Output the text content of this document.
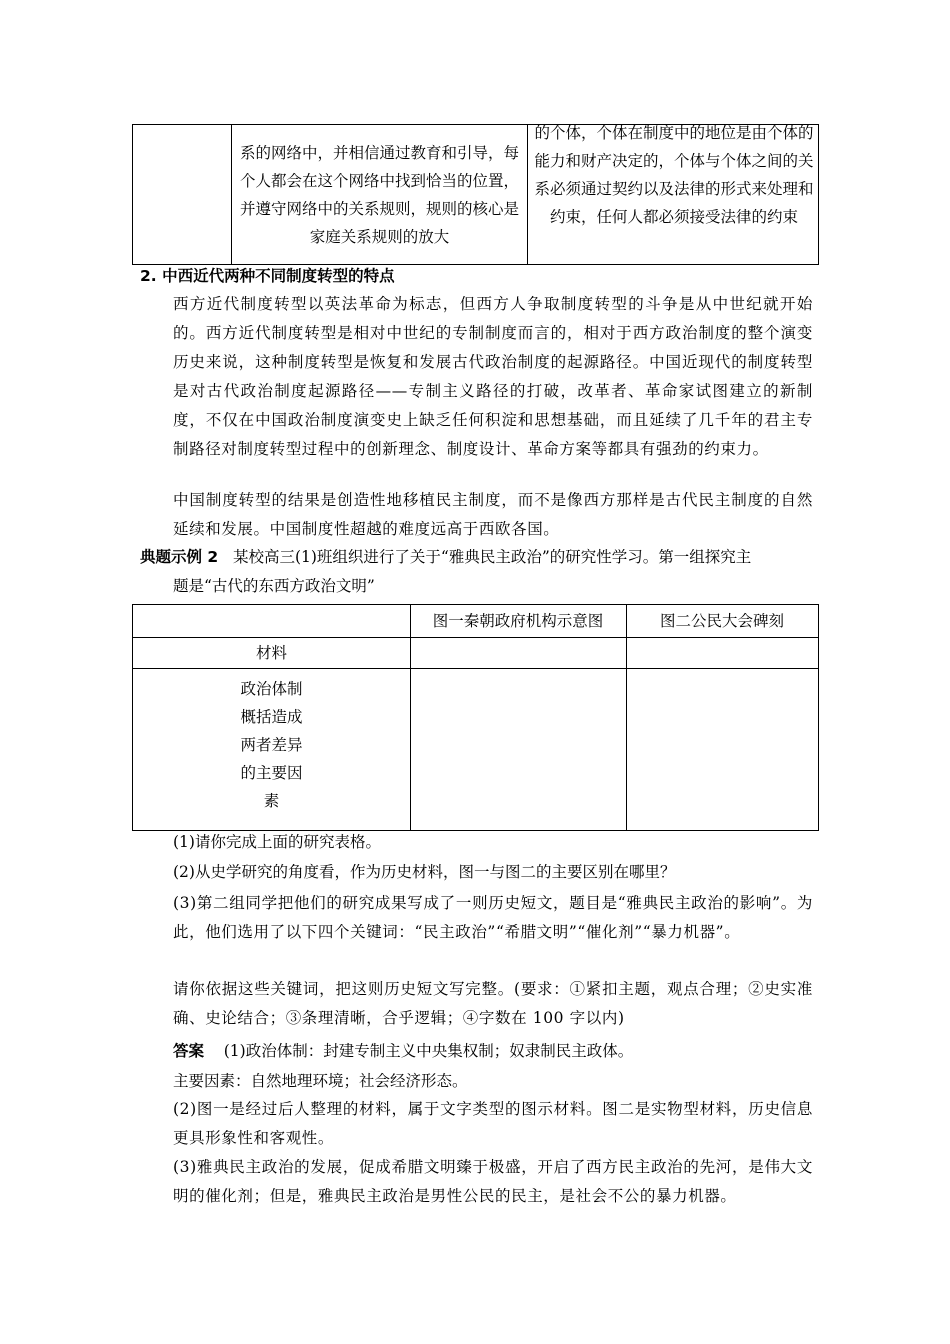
系的网络中，并相信通过教育和引导，每个人都会在这个网络中找到恰当的位置，并遵守网络中的关系规则，规则的核心是家庭关系规则的放大
的个体，个体在制度中的地位是由个体的能力和财产决定的，个体与个体之间的关系必须通过契约以及法律的形式来处理和约束，任何人都必须接受法律的约束
2. 中西近代两种不同制度转型的特点
西方近代制度转型以英法革命为标志，但西方人争取制度转型的斗争是从中世纪就开始的。西方近代制度转型是相对中世纪的专制制度而言的，相对于西方政治制度的整个演变历史来说，这种制度转型是恢复和发展古代政治制度的起源路径。中国近现代的制度转型是对古代政治制度起源路径——专制主义路径的打破，改革者、革命家试图建立的新制度，不仅在中国政治制度演变史上缺乏任何积淀和思想基础，而且延续了几千年的君主专制路径对制度转型过程中的创新理念、制度设计、革命方案等都具有强劲的约束力。
中国制度转型的结果是创造性地移植民主制度，而不是像西方那样是古代民主制度的自然延续和发展。中国制度性超越的难度远高于西欧各国。
典题示例 2 某校高三(1)班组织进行了关于“雅典民主政治”的研究性学习。第一组探究主
题是“古代的东西方政治文明”
图一秦朝政府机构示意图	图二公民大会碑刻
材料
政治体制
概括造成
两者差异
的主要因
素
(1)请你完成上面的研究表格。
(2)从史学研究的角度看，作为历史材料，图一与图二的主要区别在哪里？
(3)第二组同学把他们的研究成果写成了一则历史短文，题目是“雅典民主政治的影响”。为此，他们选用了以下四个关键词：“民主政治”“希腊文明”“催化剂”“暴力机器”。
请你依据这些关键词，把这则历史短文写完整。(要求：①紧扣主题，观点合理；②史实准确、史论结合；③条理清晰，合乎逻辑；④字数在 100 字以内)
答案 (1)政治体制：封建专制主义中央集权制；奴隶制民主政体。
主要因素：自然地理环境；社会经济形态。
(2)图一是经过后人整理的材料，属于文字类型的图示材料。图二是实物型材料，历史信息更具形象性和客观性。
(3)雅典民主政治的发展，促成希腊文明臻于极盛，开启了西方民主政治的先河，是伟大文明的催化剂；但是，雅典民主政治是男性公民的民主，是社会不公的暴力机器。
